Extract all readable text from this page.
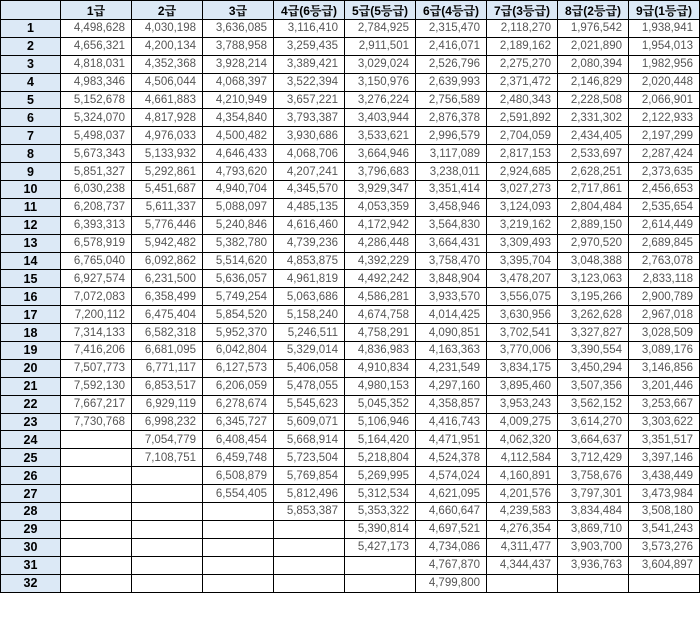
	1급	2급	3급	4급(6등급)	5급(5등급)	6급(4등급)	7급(3등급)	8급(2등급)	9급(1등급)
1	4,498,628	4,030,198	3,636,085	3,116,410	2,784,925	2,315,470	2,118,270	1,976,542	1,938,941
2	4,656,321	4,200,134	3,788,958	3,259,435	2,911,501	2,416,071	2,189,162	2,021,890	1,954,013
3	4,818,031	4,352,368	3,928,214	3,389,421	3,029,024	2,526,796	2,275,270	2,080,394	1,982,956
4	4,983,346	4,506,044	4,068,397	3,522,394	3,150,976	2,639,993	2,371,472	2,146,829	2,020,448
5	5,152,678	4,661,883	4,210,949	3,657,221	3,276,224	2,756,589	2,480,343	2,228,508	2,066,901
6	5,324,070	4,817,928	4,354,840	3,793,387	3,403,944	2,876,378	2,591,892	2,331,302	2,122,933
7	5,498,037	4,976,033	4,500,482	3,930,686	3,533,621	2,996,579	2,704,059	2,434,405	2,197,299
8	5,673,343	5,133,932	4,646,433	4,068,706	3,664,946	3,117,089	2,817,153	2,533,697	2,287,424
9	5,851,327	5,292,861	4,793,620	4,207,241	3,796,683	3,238,011	2,924,685	2,628,251	2,373,635
10	6,030,238	5,451,687	4,940,704	4,345,570	3,929,347	3,351,414	3,027,273	2,717,861	2,456,653
11	6,208,737	5,611,337	5,088,097	4,485,135	4,053,359	3,458,946	3,124,093	2,804,484	2,535,654
12	6,393,313	5,776,446	5,240,846	4,616,460	4,172,942	3,564,830	3,219,162	2,889,150	2,614,449
13	6,578,919	5,942,482	5,382,780	4,739,236	4,286,448	3,664,431	3,309,493	2,970,520	2,689,845
14	6,765,040	6,092,862	5,514,620	4,853,875	4,392,229	3,758,470	3,395,704	3,048,388	2,763,078
15	6,927,574	6,231,500	5,636,057	4,961,819	4,492,242	3,848,904	3,478,207	3,123,063	2,833,118
16	7,072,083	6,358,499	5,749,254	5,063,686	4,586,281	3,933,570	3,556,075	3,195,266	2,900,789
17	7,200,112	6,475,404	5,854,520	5,158,240	4,674,758	4,014,425	3,630,956	3,262,628	2,967,018
18	7,314,133	6,582,318	5,952,370	5,246,511	4,758,291	4,090,851	3,702,541	3,327,827	3,028,509
19	7,416,206	6,681,095	6,042,804	5,329,014	4,836,983	4,163,363	3,770,006	3,390,554	3,089,176
20	7,507,773	6,771,117	6,127,573	5,406,058	4,910,834	4,231,549	3,834,175	3,450,294	3,146,856
21	7,592,130	6,853,517	6,206,059	5,478,055	4,980,153	4,297,160	3,895,460	3,507,356	3,201,446
22	7,667,217	6,929,119	6,278,674	5,545,623	5,045,352	4,358,857	3,953,243	3,562,152	3,253,667
23	7,730,768	6,998,232	6,345,727	5,609,071	5,106,946	4,416,743	4,009,275	3,614,270	3,303,622
24		7,054,779	6,408,454	5,668,914	5,164,420	4,471,951	4,062,320	3,664,637	3,351,517
25		7,108,751	6,459,748	5,723,504	5,218,804	4,524,378	4,112,584	3,712,429	3,397,146
26			6,508,879	5,769,854	5,269,995	4,574,024	4,160,891	3,758,676	3,438,449
27			6,554,405	5,812,496	5,312,534	4,621,095	4,201,576	3,797,301	3,473,984
28				5,853,387	5,353,322	4,660,647	4,239,583	3,834,484	3,508,180
29					5,390,814	4,697,521	4,276,354	3,869,710	3,541,243
30					5,427,173	4,734,086	4,311,477	3,903,700	3,573,276
31						4,767,870	4,344,437	3,936,763	3,604,897
32						4,799,800			
